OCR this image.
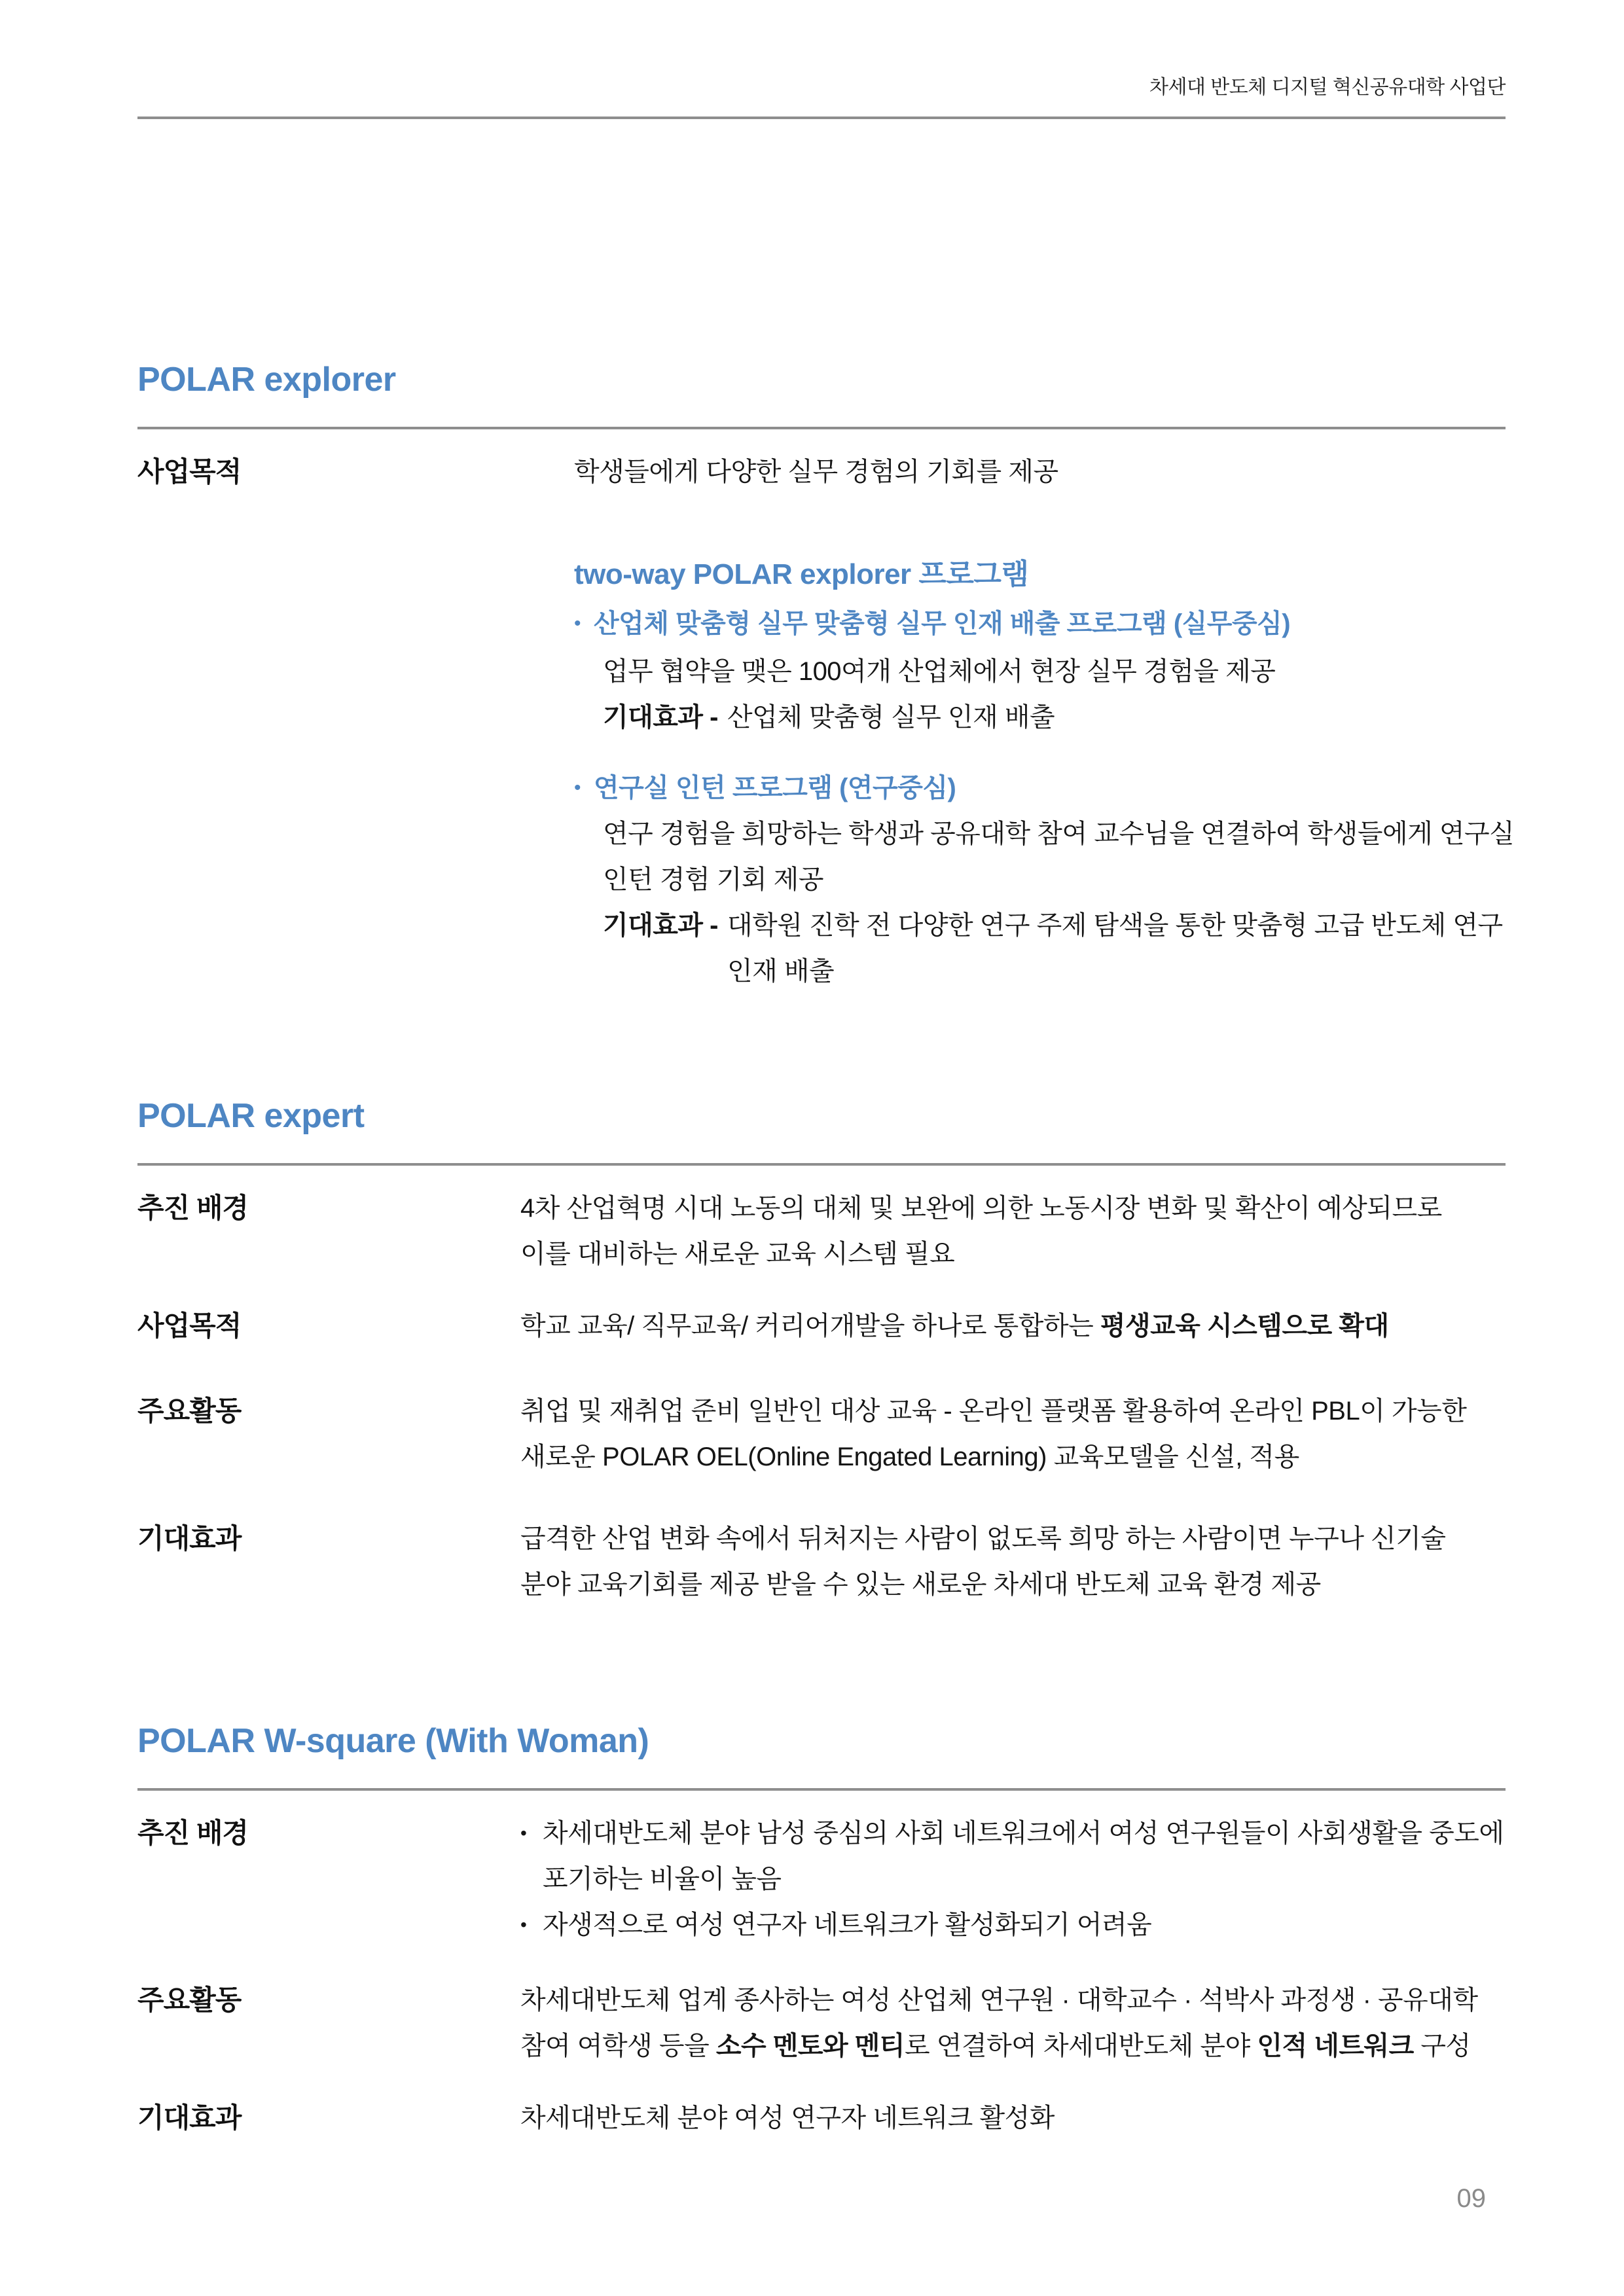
차세대 반도체 디지털 혁신공유대학 사업단
POLAR explorer
사업목적	학생들에게 다양한 실무 경험의 기회를 제공
two-way POLAR explorer 프로그램
• 산업체 맞춤형 실무 맞춤형 실무 인재 배출 프로그램 (실무중심)
업무 협약을 맺은 100여개 산업체에서 현장 실무 경험을 제공
기대효과 - 산업체 맞춤형 실무 인재 배출
• 연구실 인턴 프로그램 (연구중심)
연구 경험을 희망하는 학생과 공유대학 참여 교수님을 연결하여 학생들에게 연구실
인턴 경험 기회 제공
기대효과 - 대학원 진학 전 다양한 연구 주제 탐색을 통한 맞춤형 고급 반도체 연구
인재 배출
POLAR expert
추진 배경	4차 산업혁명 시대 노동의 대체 및 보완에 의한 노동시장 변화 및 확산이 예상되므로
이를 대비하는 새로운 교육 시스템 필요
사업목적	학교 교육/ 직무교육/ 커리어개발을 하나로 통합하는 평생교육 시스템으로 확대
주요활동	취업 및 재취업 준비 일반인 대상 교육 - 온라인 플랫폼 활용하여 온라인 PBL이 가능한
새로운 POLAR OEL(Online Engated Learning) 교육모델을 신설, 적용
기대효과	급격한 산업 변화 속에서 뒤처지는 사람이 없도록 희망 하는 사람이면 누구나 신기술
분야 교육기회를 제공 받을 수 있는 새로운 차세대 반도체 교육 환경 제공
POLAR W-square (With Woman)
추진 배경	• 차세대반도체 분야 남성 중심의 사회 네트워크에서 여성 연구원들이 사회생활을 중도에
포기하는 비율이 높음
• 자생적으로 여성 연구자 네트워크가 활성화되기 어려움
주요활동	차세대반도체 업계 종사하는 여성 산업체 연구원 · 대학교수 · 석박사 과정생 · 공유대학
참여 여학생 등을 소수 멘토와 멘티로 연결하여 차세대반도체 분야 인적 네트워크 구성
기대효과	차세대반도체 분야 여성 연구자 네트워크 활성화
09
